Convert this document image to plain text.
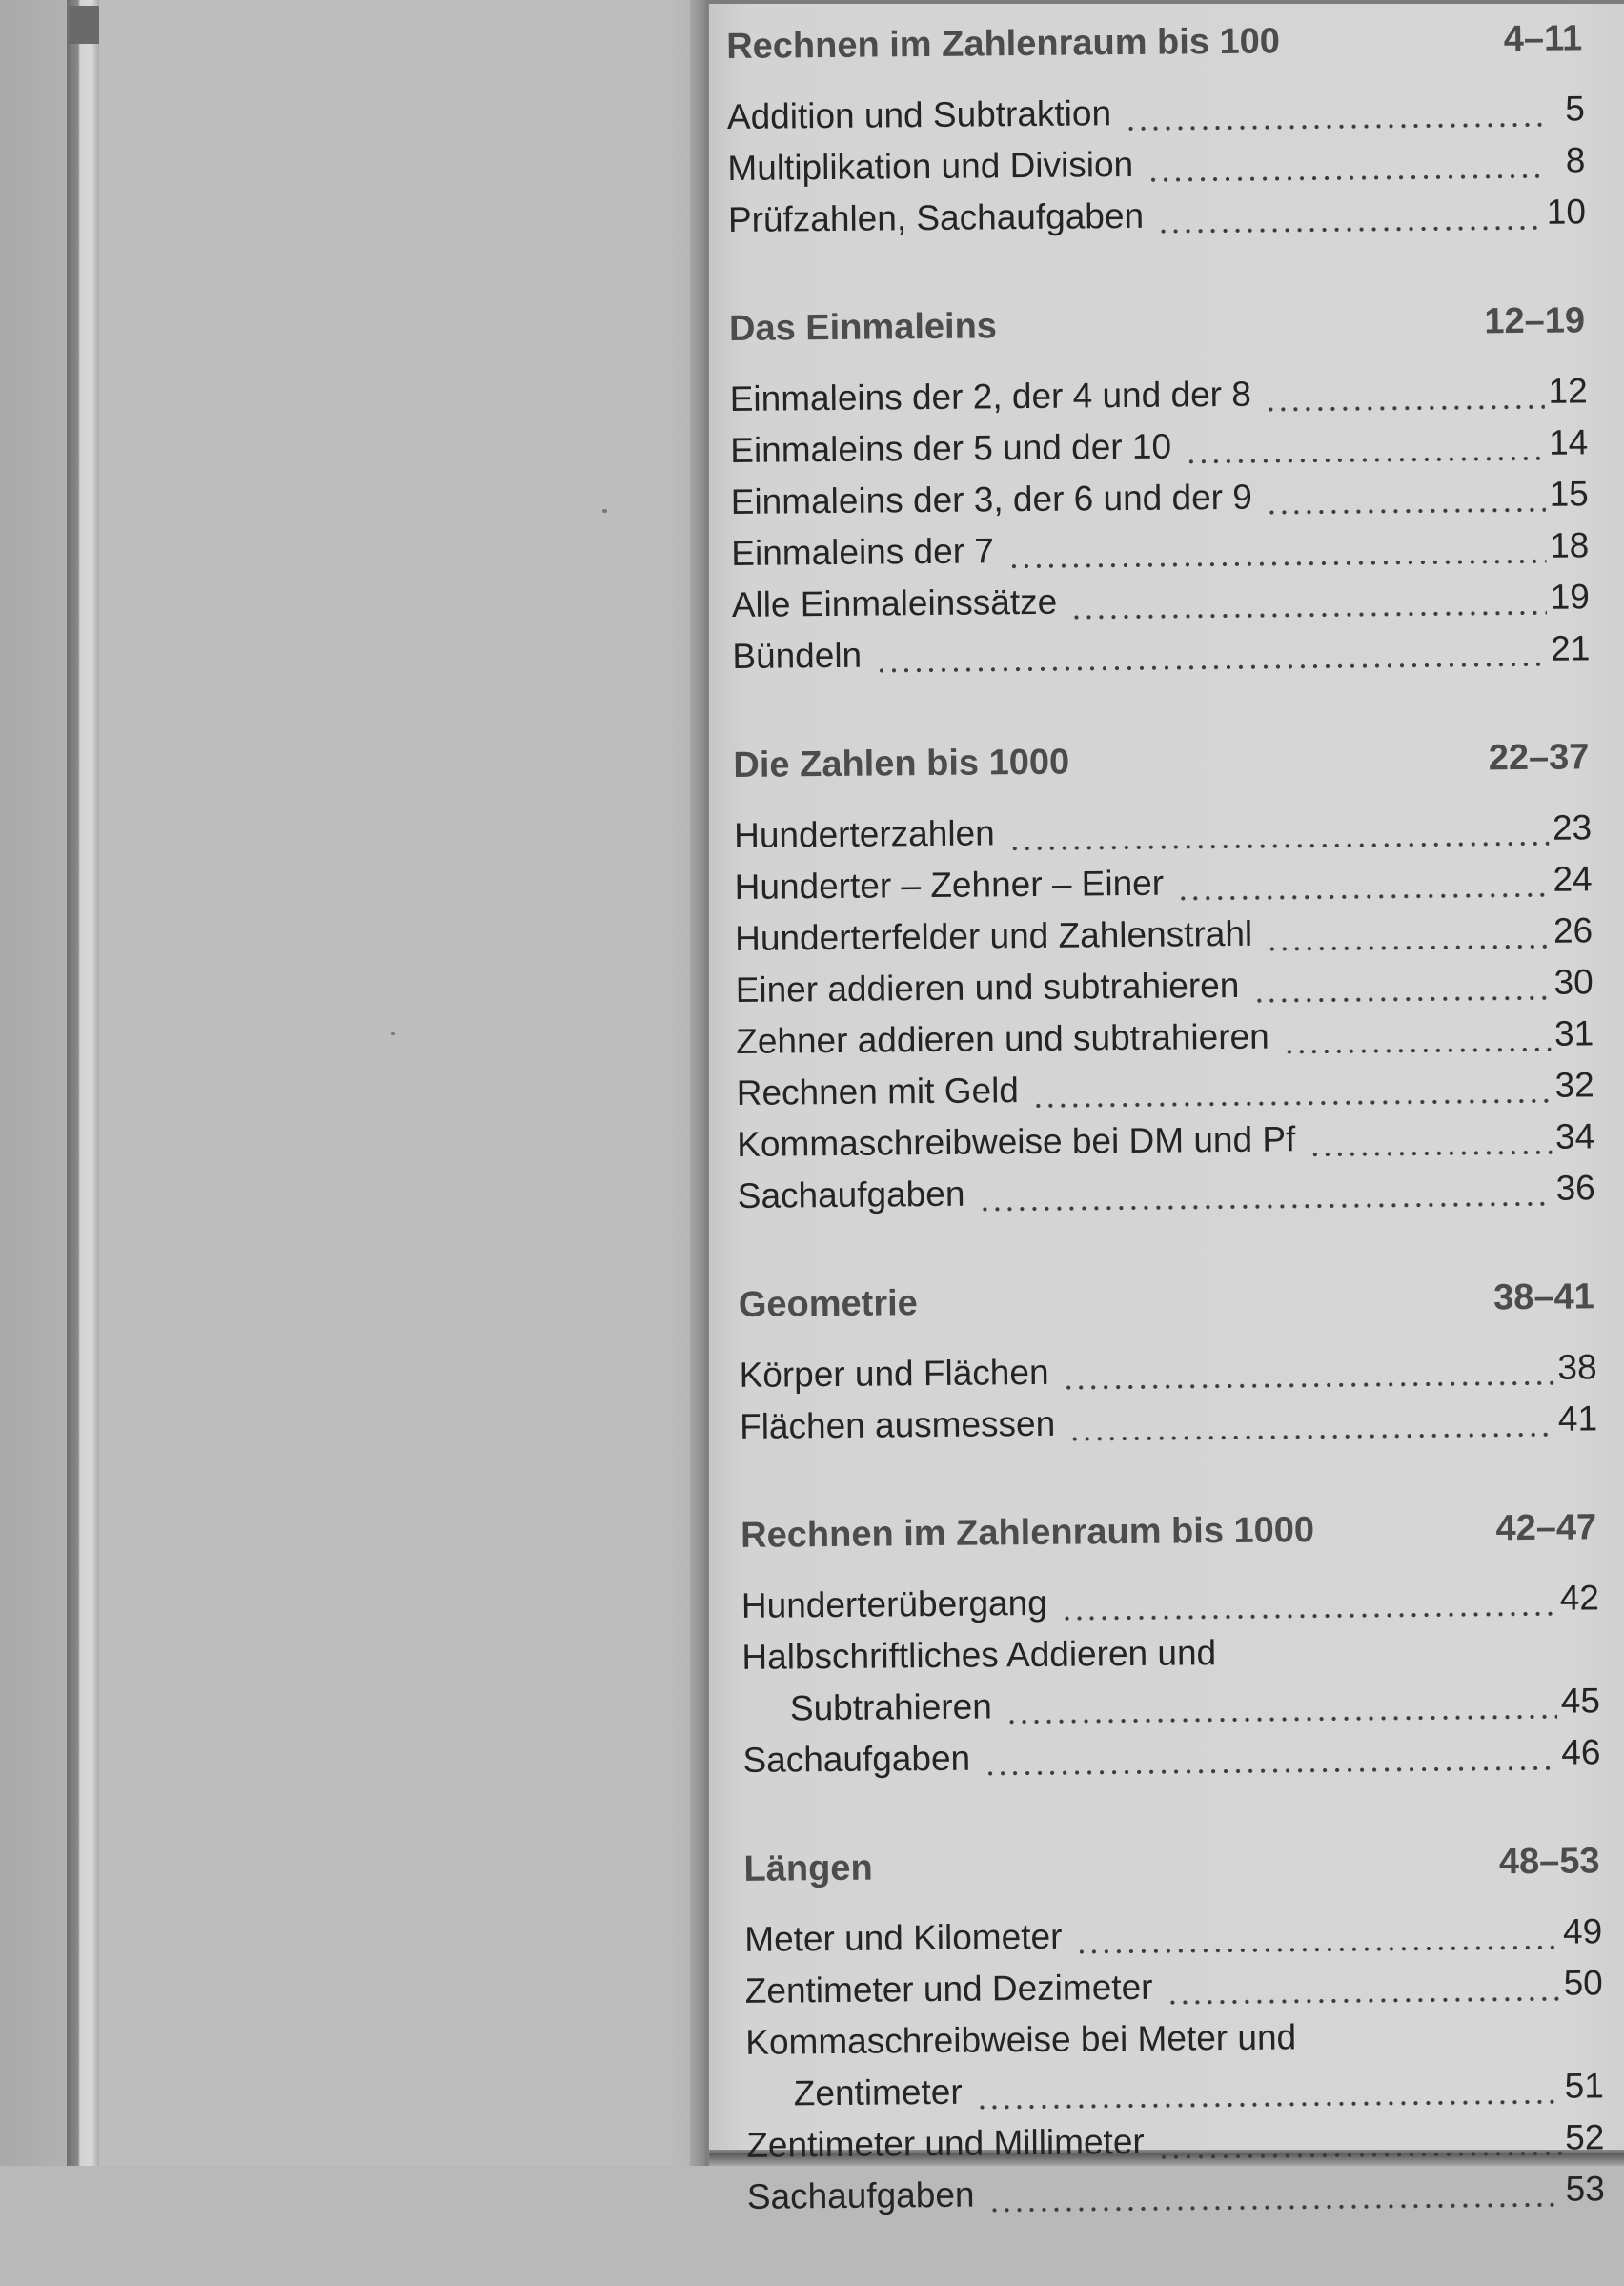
Rechnen im Zahlenraum bis 100	4–11
Addition und Subtraktion	5
Multiplikation und Division	8
Prüfzahlen, Sachaufgaben	10
Das Einmaleins	12–19
Einmaleins der 2, der 4 und der 8	12
Einmaleins der 5 und der 10	14
Einmaleins der 3, der 6 und der 9	15
Einmaleins der 7	18
Alle Einmaleinssätze	19
Bündeln	21
Die Zahlen bis 1000	22–37
Hunderterzahlen	23
Hunderter – Zehner – Einer	24
Hunderterfelder und Zahlenstrahl	26
Einer addieren und subtrahieren	30
Zehner addieren und subtrahieren	31
Rechnen mit Geld	32
Kommaschreibweise bei DM und Pf	34
Sachaufgaben	36
Geometrie	38–41
Körper und Flächen	38
Flächen ausmessen	41
Rechnen im Zahlenraum bis 1000	42–47
Hunderterübergang	42
Halbschriftliches Addieren und
Subtrahieren	45
Sachaufgaben	46
Längen	48–53
Meter und Kilometer	49
Zentimeter und Dezimeter	50
Kommaschreibweise bei Meter und
Zentimeter	51
Zentimeter und Millimeter	52
Sachaufgaben	53
